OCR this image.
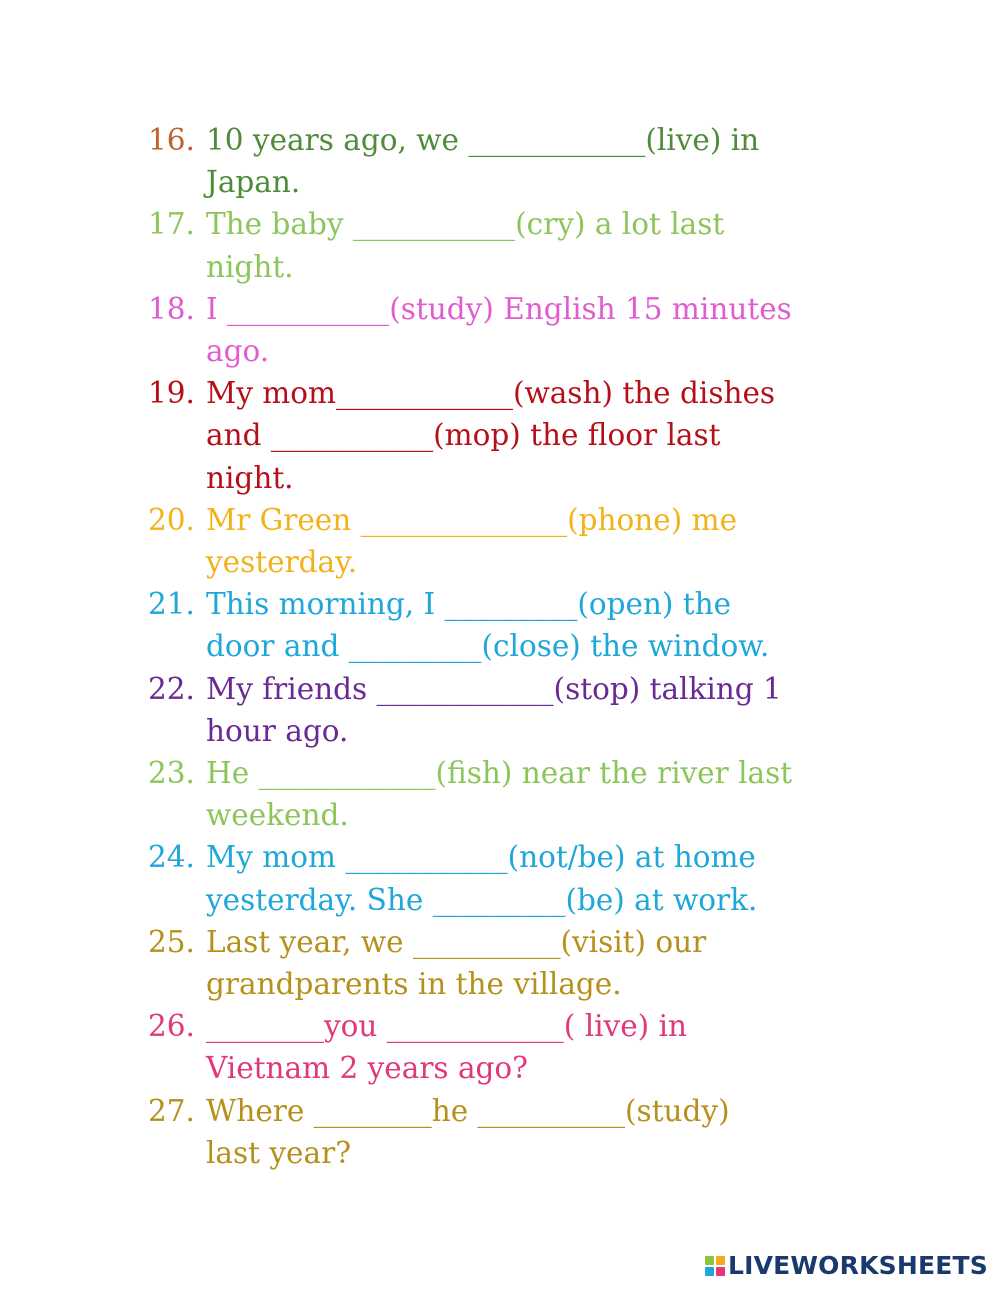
16. 10 years ago, we ____________(live) in
Japan.
17. The baby ___________(cry) a lot last
night.
18. I ___________(study) English 15 minutes
ago.
19. My mom____________(wash) the dishes
and ___________(mop) the floor last
night.
20. Mr Green ______________(phone) me
yesterday.
21. This morning, I _________(open) the
door and _________(close) the window.
22. My friends ____________(stop) talking 1
hour ago.
23. He ____________(fish) near the river last
weekend.
24. My mom ___________(not/be) at home
yesterday. She _________(be) at work.
25. Last year, we __________(visit) our
grandparents in the village.
26. ________you ____________( live) in
Vietnam 2 years ago?
27. Where ________he __________(study)
last year?
LIVEWORKSHEETS
